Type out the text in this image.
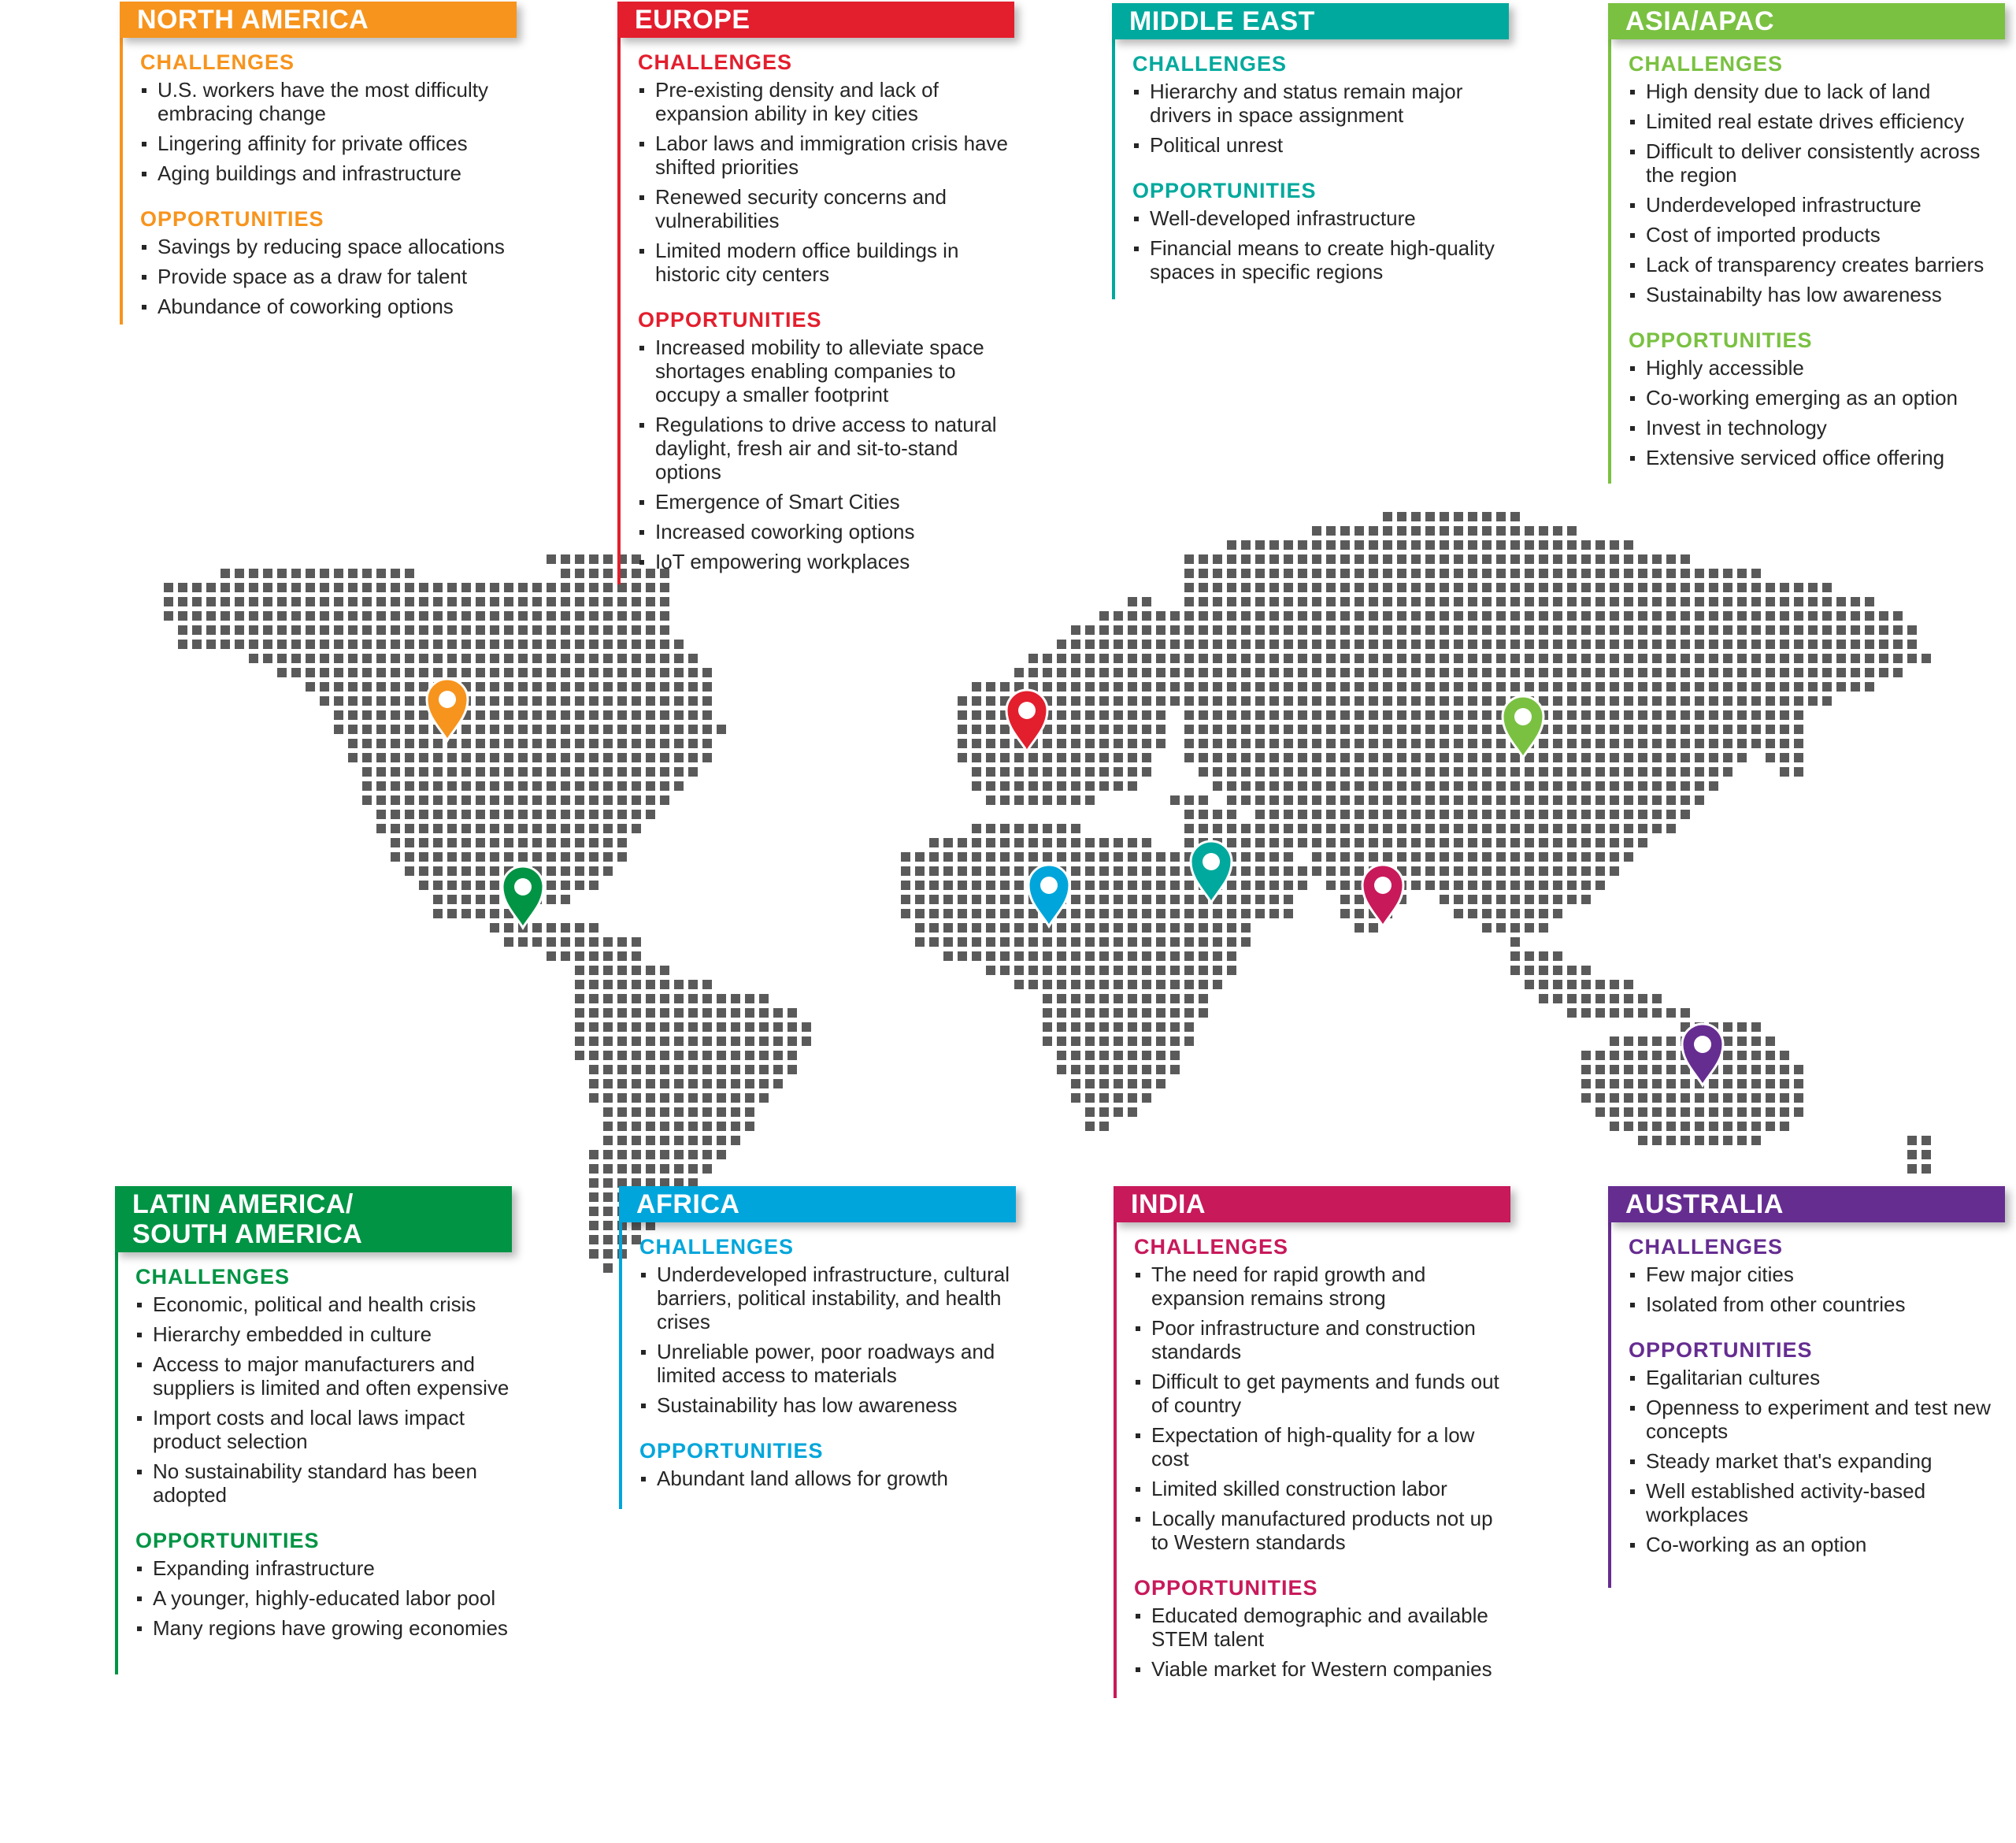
NORTH AMERICA
CHALLENGES
U.S. workers have the most difficulty embracing change
Lingering affinity for private offices
Aging buildings and infrastructure
OPPORTUNITIES
Savings by reducing space allocations
Provide space as a draw for talent
Abundance of coworking options
EUROPE
CHALLENGES
Pre-existing density and lack of expansion ability in key cities
Labor laws and immigration crisis have shifted priorities
Renewed security concerns and vulnerabilities
Limited modern office buildings in historic city centers
OPPORTUNITIES
Increased mobility to alleviate space shortages enabling companies to occupy a smaller footprint
Regulations to drive access to natural daylight, fresh air and sit-to-stand options
Emergence of Smart Cities
Increased coworking options
IoT empowering workplaces
MIDDLE EAST
CHALLENGES
Hierarchy and status remain major drivers in space assignment
Political unrest
OPPORTUNITIES
Well-developed infrastructure
Financial means to create high-quality spaces in specific regions
ASIA/APAC
CHALLENGES
High density due to lack of land
Limited real estate drives efficiency
Difficult to deliver consistently across the region
Underdeveloped infrastructure
Cost of imported products
Lack of transparency creates barriers
Sustainabilty has low awareness
OPPORTUNITIES
Highly accessible
Co-working emerging as an option
Invest in technology
Extensive serviced office offering
LATIN AMERICA/
SOUTH AMERICA
CHALLENGES
Economic, political and health crisis
Hierarchy embedded in culture
Access to major manufacturers and suppliers is limited and often expensive
Import costs and local laws impact product selection
No sustainability standard has been adopted
OPPORTUNITIES
Expanding infrastructure
A younger, highly-educated labor pool
Many regions have growing economies
AFRICA
CHALLENGES
Underdeveloped infrastructure, cultural barriers, political instability, and health crises
Unreliable power, poor roadways and limited access to materials
Sustainability has low awareness
OPPORTUNITIES
Abundant land allows for growth
INDIA
CHALLENGES
The need for rapid growth and expansion remains strong
Poor infrastructure and construction standards
Difficult to get payments and funds out of country
Expectation of high-quality for a low cost
Limited skilled construction labor
Locally manufactured products not up to Western standards
OPPORTUNITIES
Educated demographic and available STEM talent
Viable market for Western companies
AUSTRALIA
CHALLENGES
Few major cities
Isolated from other countries
OPPORTUNITIES
Egalitarian cultures
Openness to experiment and test new concepts
Steady market that's expanding
Well established activity-based workplaces
Co-working as an option
